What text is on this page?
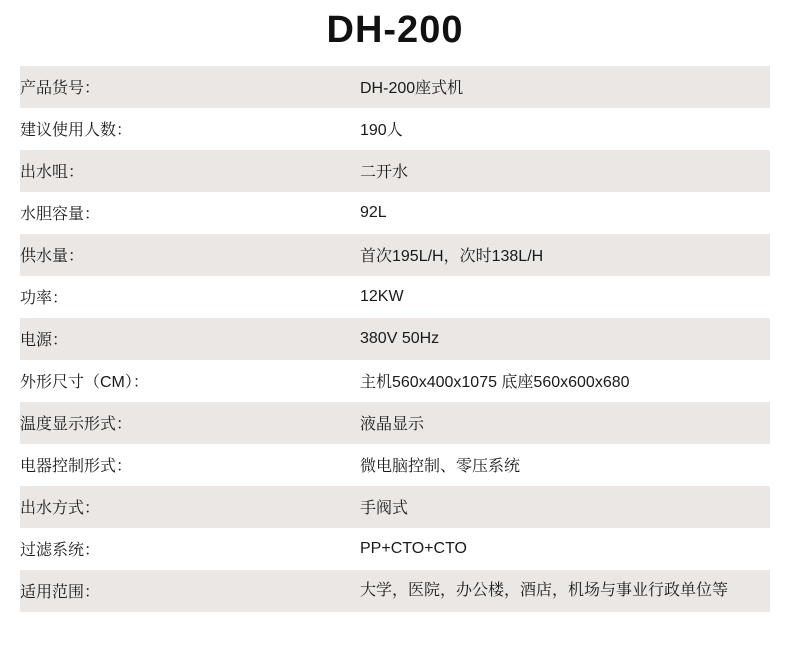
DH-200
产品货号：	DH-200座式机
建议使用人数：	190人
出水咀：	二开水
水胆容量：	92L
供水量：	首次195L/H，次时138L/H
功率：	12KW
电源：	380V 50Hz
外形尺寸（CM）：	主机560x400x1075 底座560x600x680
温度显示形式：	液晶显示
电器控制形式：	微电脑控制、零压系统
出水方式：	手阀式
过滤系统：	PP+CTO+CTO
适用范围：	大学，医院，办公楼，酒店，机场与事业行政单位等
